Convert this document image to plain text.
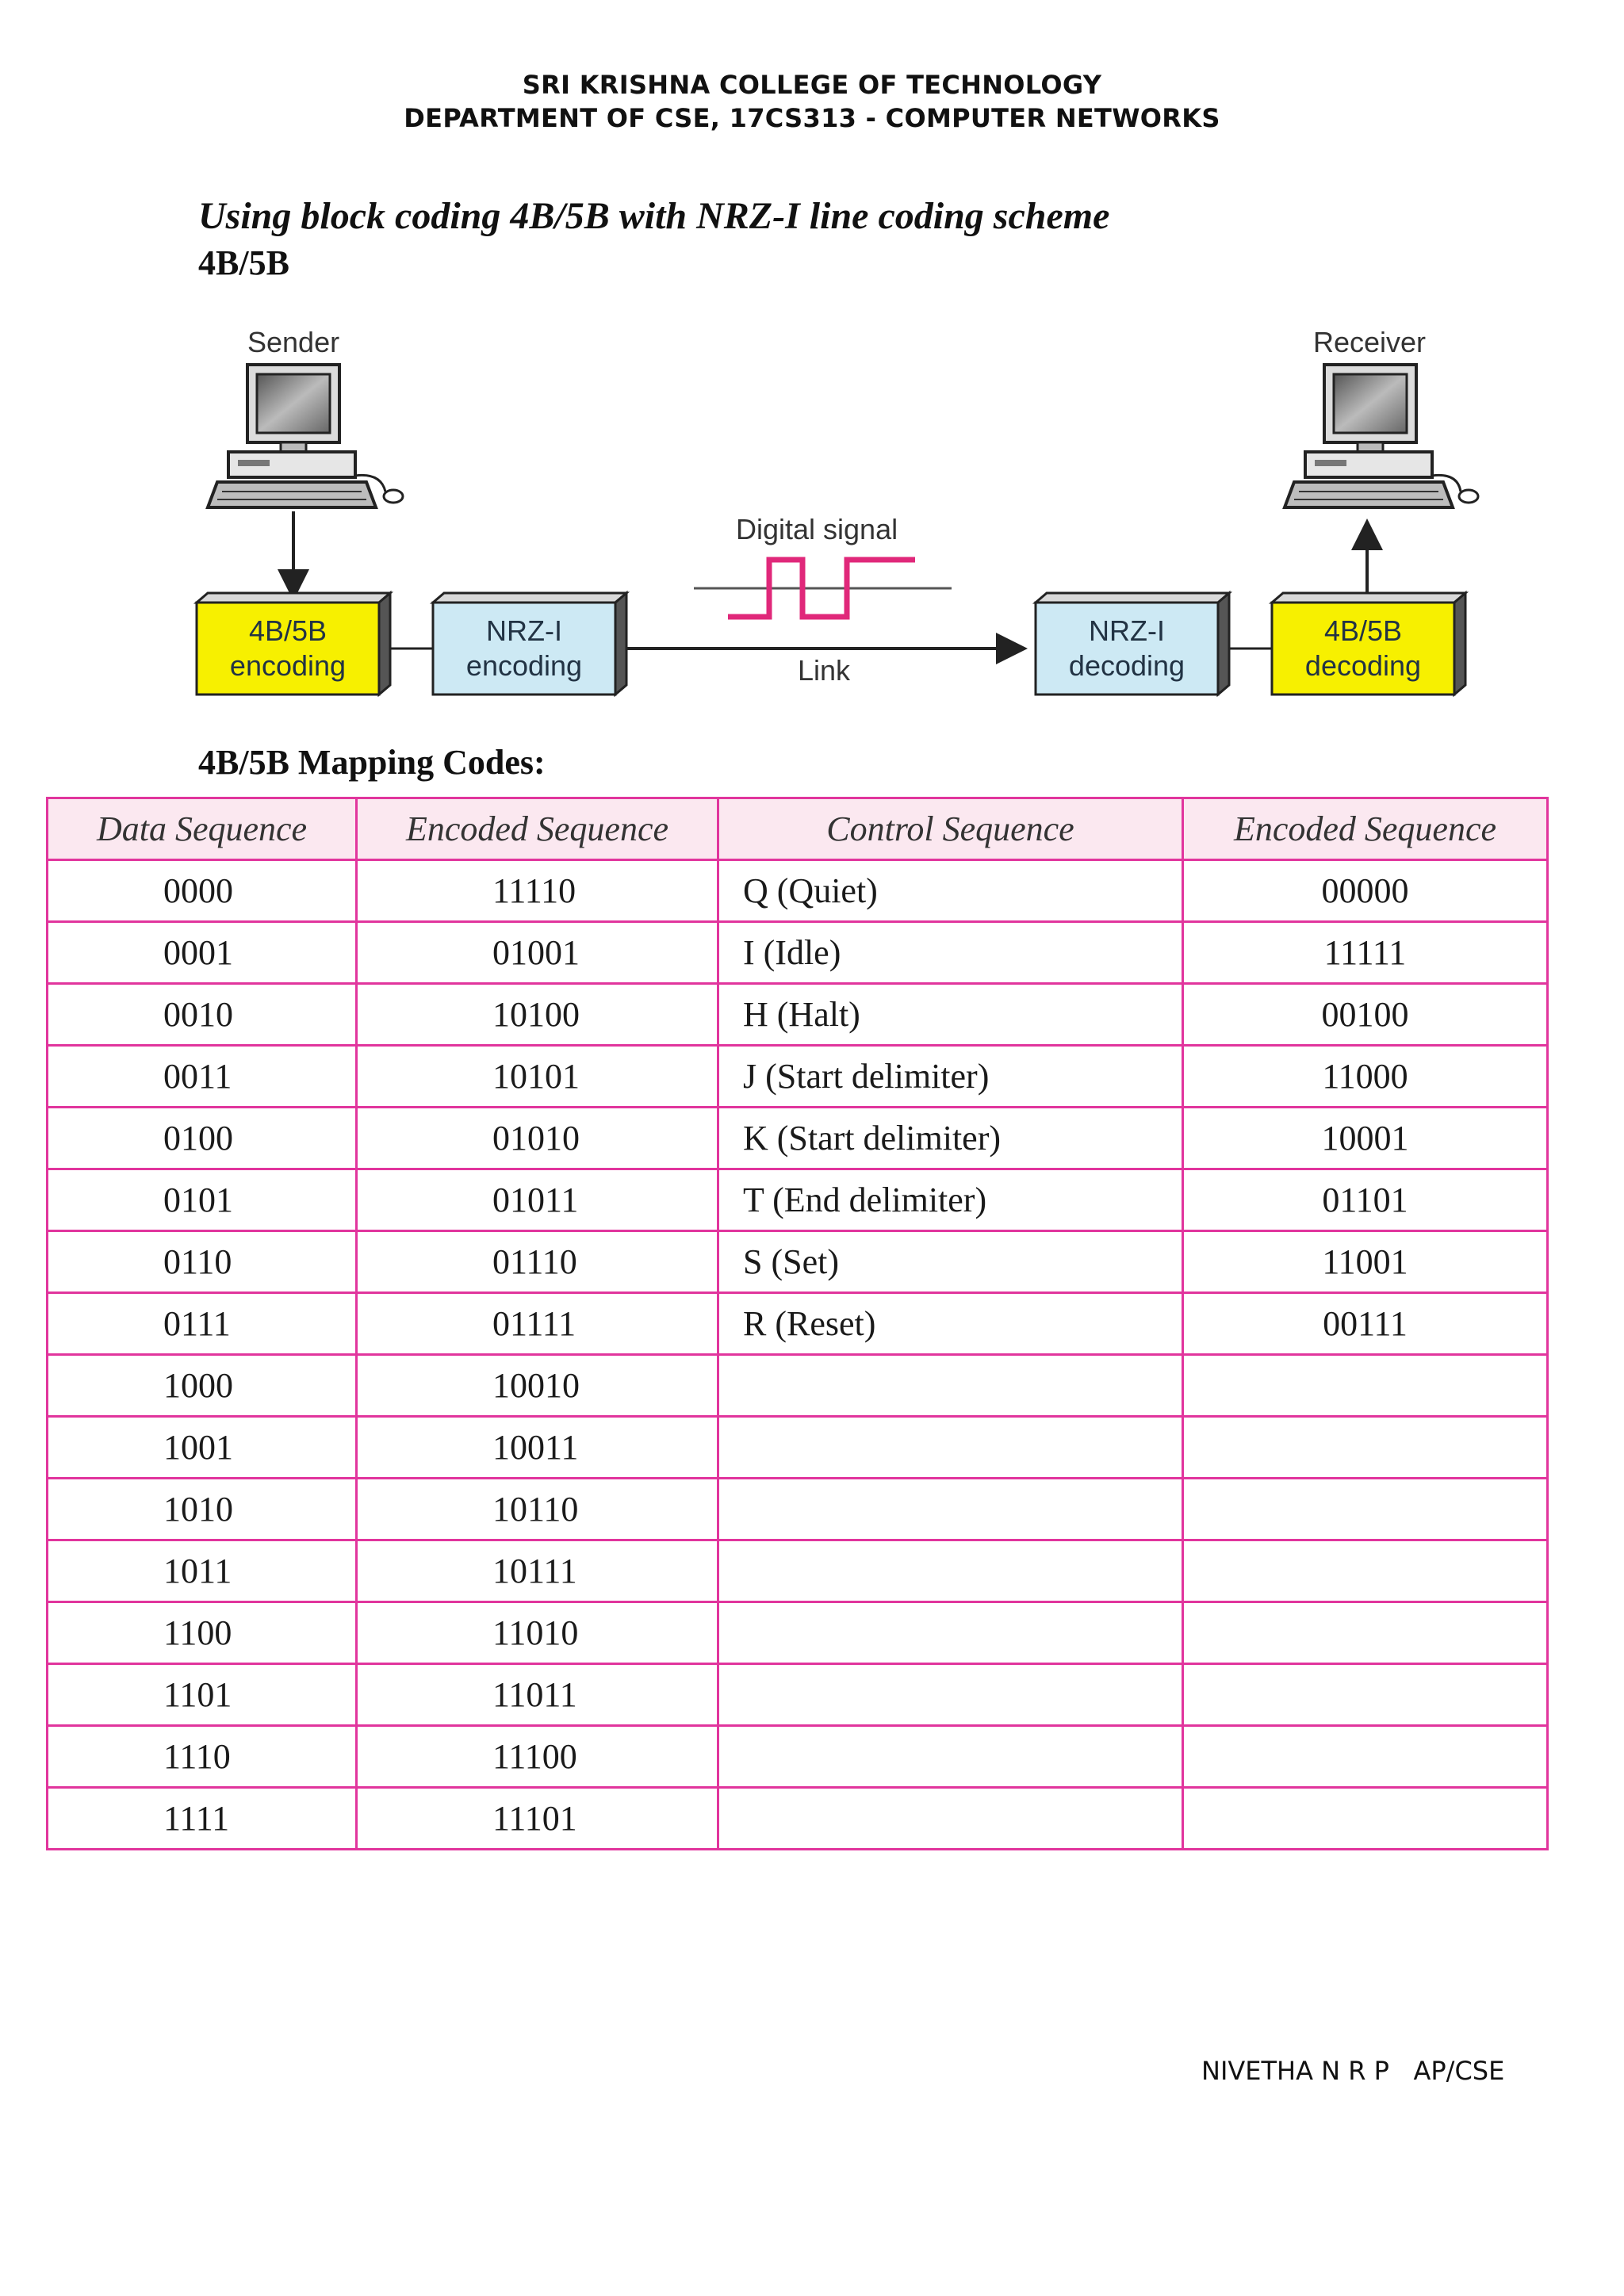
SRI KRISHNA COLLEGE OF TECHNOLOGY
DEPARTMENT OF CSE, 17CS313 - COMPUTER NETWORKS
Using block coding 4B/5B with NRZ-I line coding scheme
4B/5B
Sender	Receiver
Digital signal
4B/5B
encoding
NRZ-I
encoding	Link
NRZ-I
decoding
4B/5B
decoding
4B/5B Mapping Codes:
Data Sequence	Encoded Sequence	Control Sequence	Encoded Sequence
0000	11110	Q (Quiet)	00000
0001	01001	I (Idle)	11111
0010	10100	H (Halt)	00100
0011	10101	J (Start delimiter)	11000
0100	01010	K (Start delimiter)	10001
0101	01011	T (End delimiter)	01101
0110	01110	S (Set)	11001
0111	01111	R (Reset)	00111
1000	10010		
1001	10011		
1010	10110		
1011	10111		
1100	11010		
1101	11011		
1110	11100		
1111	11101		
NIVETHA N R P   AP/CSE
